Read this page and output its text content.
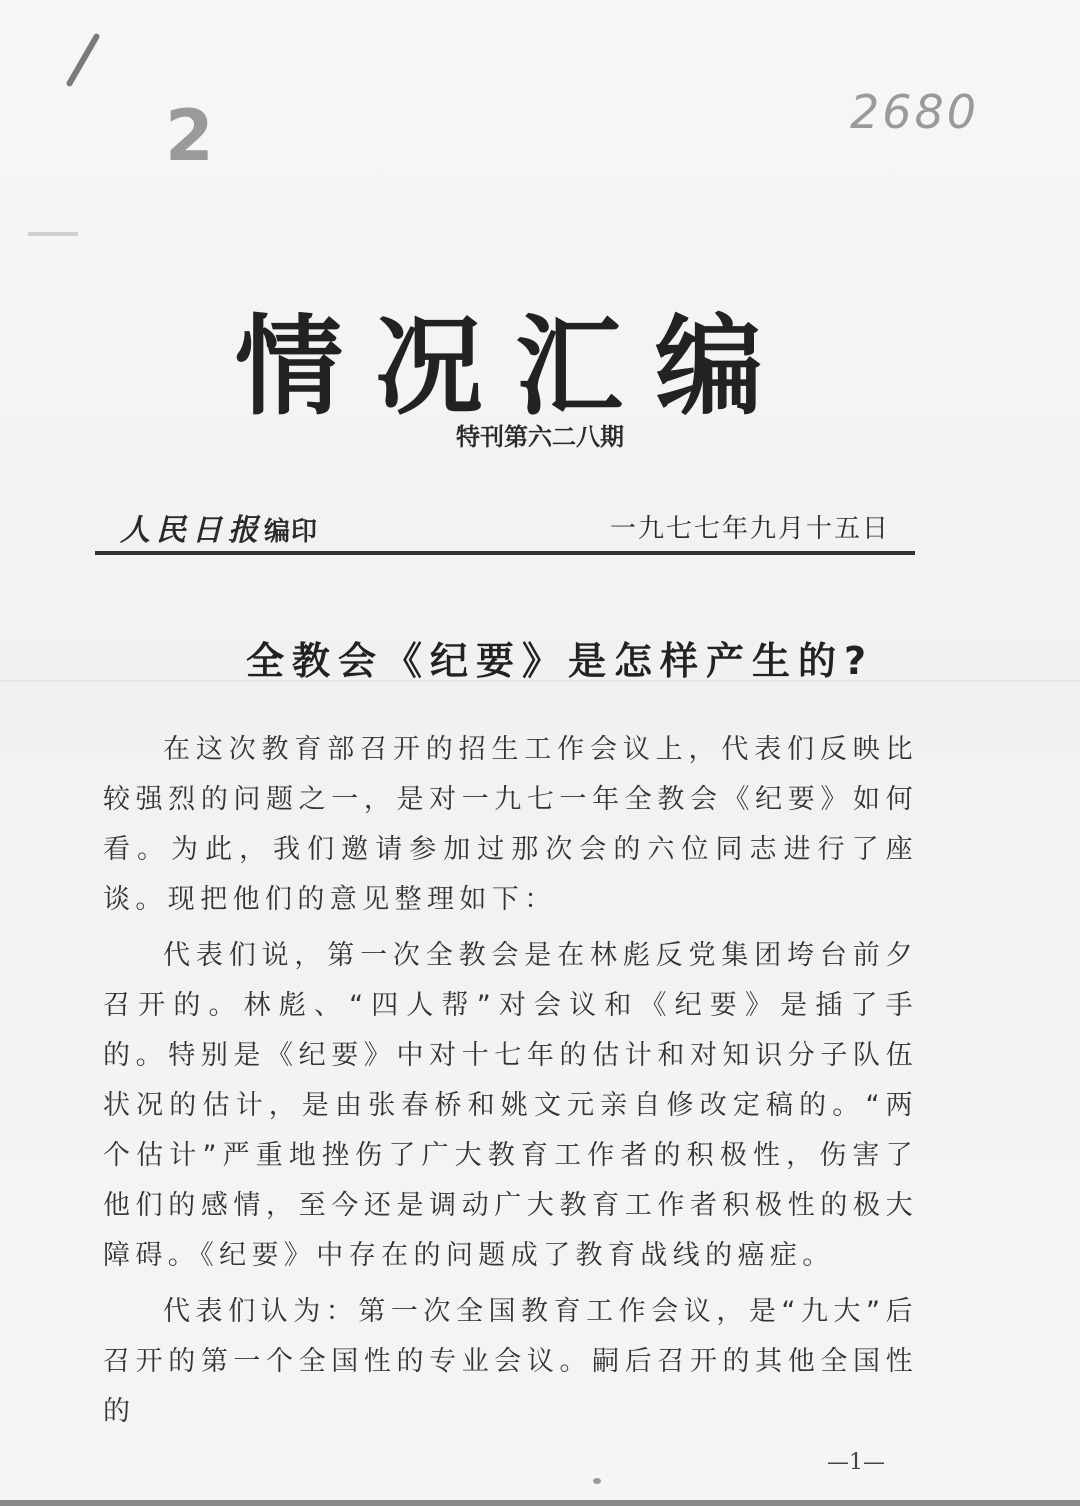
2	2680
情况汇编
特刊第六二八期
人民日报编印	一九七七年九月十五日
全教会《纪要》是怎样产生的?

在这次教育部召开的招生工作会议上，代表们反映比较强烈的问题之一，是对一九七一年全教会《纪要》如何看。为此，我们邀请参加过那次会的六位同志进行了座谈。现把他们的意见整理如下：

代表们说，第一次全教会是在林彪反党集团垮台前夕召开的。林彪、“四人帮”对会议和《纪要》是插了手的。特别是《纪要》中对十七年的估计和对知识分子队伍状况的估计，是由张春桥和姚文元亲自修改定稿的。“两个估计”严重地挫伤了广大教育工作者的积极性，伤害了他们的感情，至今还是调动广大教育工作者积极性的极大障碍。《纪要》中存在的问题成了教育战线的癌症。

代表们认为：第一次全国教育工作会议，是“九大”后召开的第一个全国性的专业会议。嗣后召开的其他全国性的

—1—
